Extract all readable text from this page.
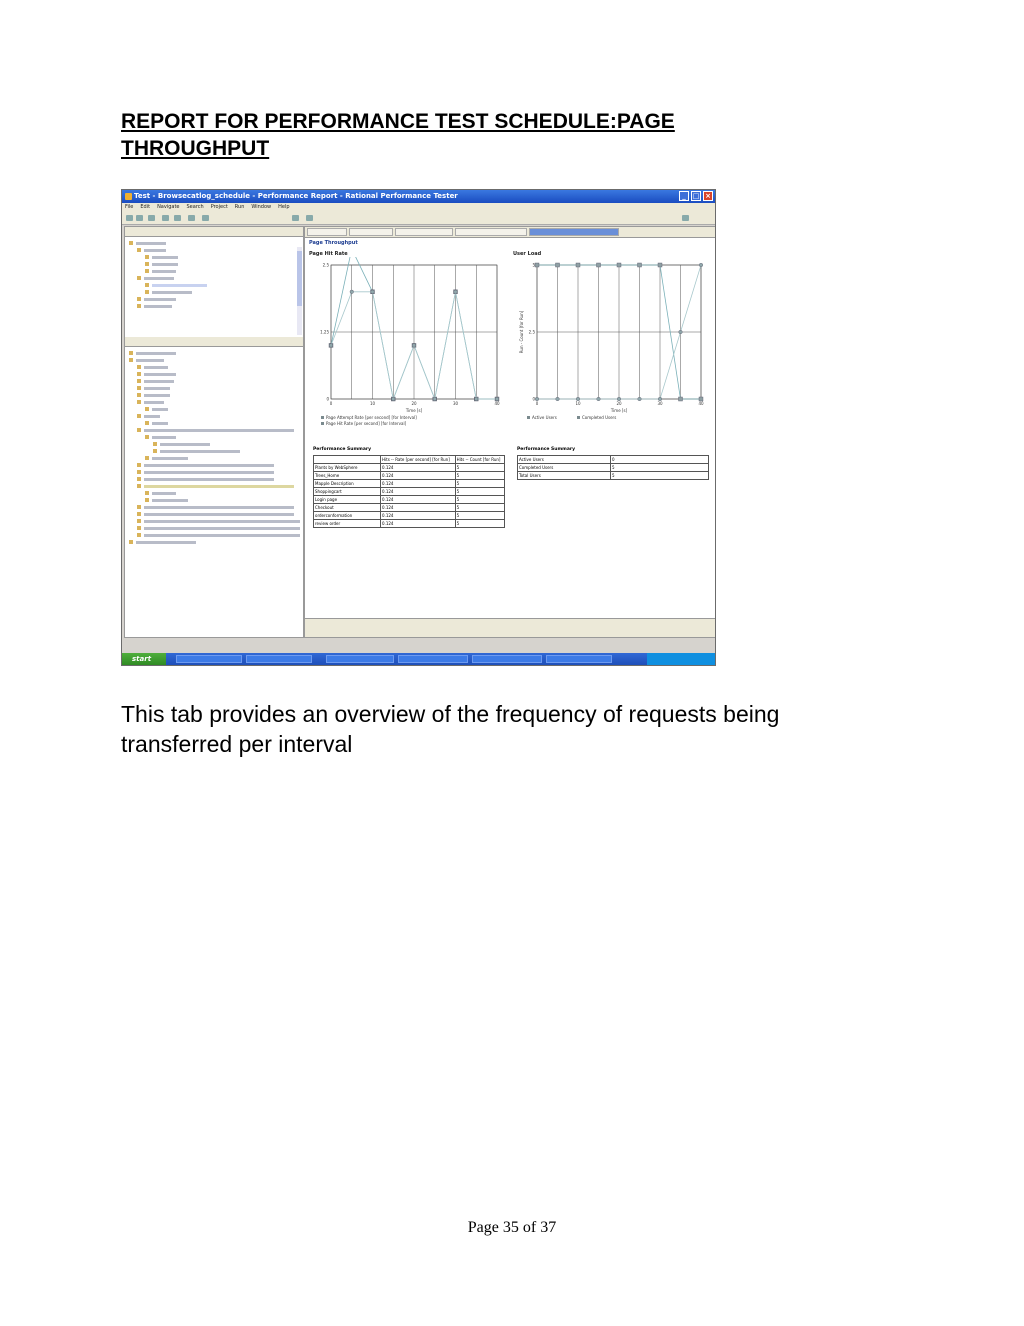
REPORT FOR PERFORMANCE TEST SCHEDULE:PAGE
THROUGHPUT
Test - Browsecatlog_schedule - Performance Report - Rational Performance Tester	_ □ ×
File Edit Navigate Search Project Run Window Help
Page Throughput
Page Hit Rate
0
1.25
2.5
0	10	20	30	40
Time [s]
Page Attempt Rate [per second] [for Interval]
Page Hit Rate [per second] [for Interval]
User Load
0
2.5
5
0	10	20	30	40
Time [s]
Run - Count [for Run]
Active Users	Completed Users
Performance Summary
	Hits -- Rate [per second] [for Run]	Hits -- Count [for Run]
Plants by WebSphere	0.124	5
Trees_Home	0.124	5
Mapple Description	0.124	5
Shoppingcart	0.124	5
Login page	0.124	5
Checkout	0.124	5
orderconformation	0.124	5
review order	0.124	5
Performance Summary
Active Users	0
Completed Users	5
Total Users	5
start

This tab provides an overview of the frequency of requests being
transferred per interval

Page 35 of 37
